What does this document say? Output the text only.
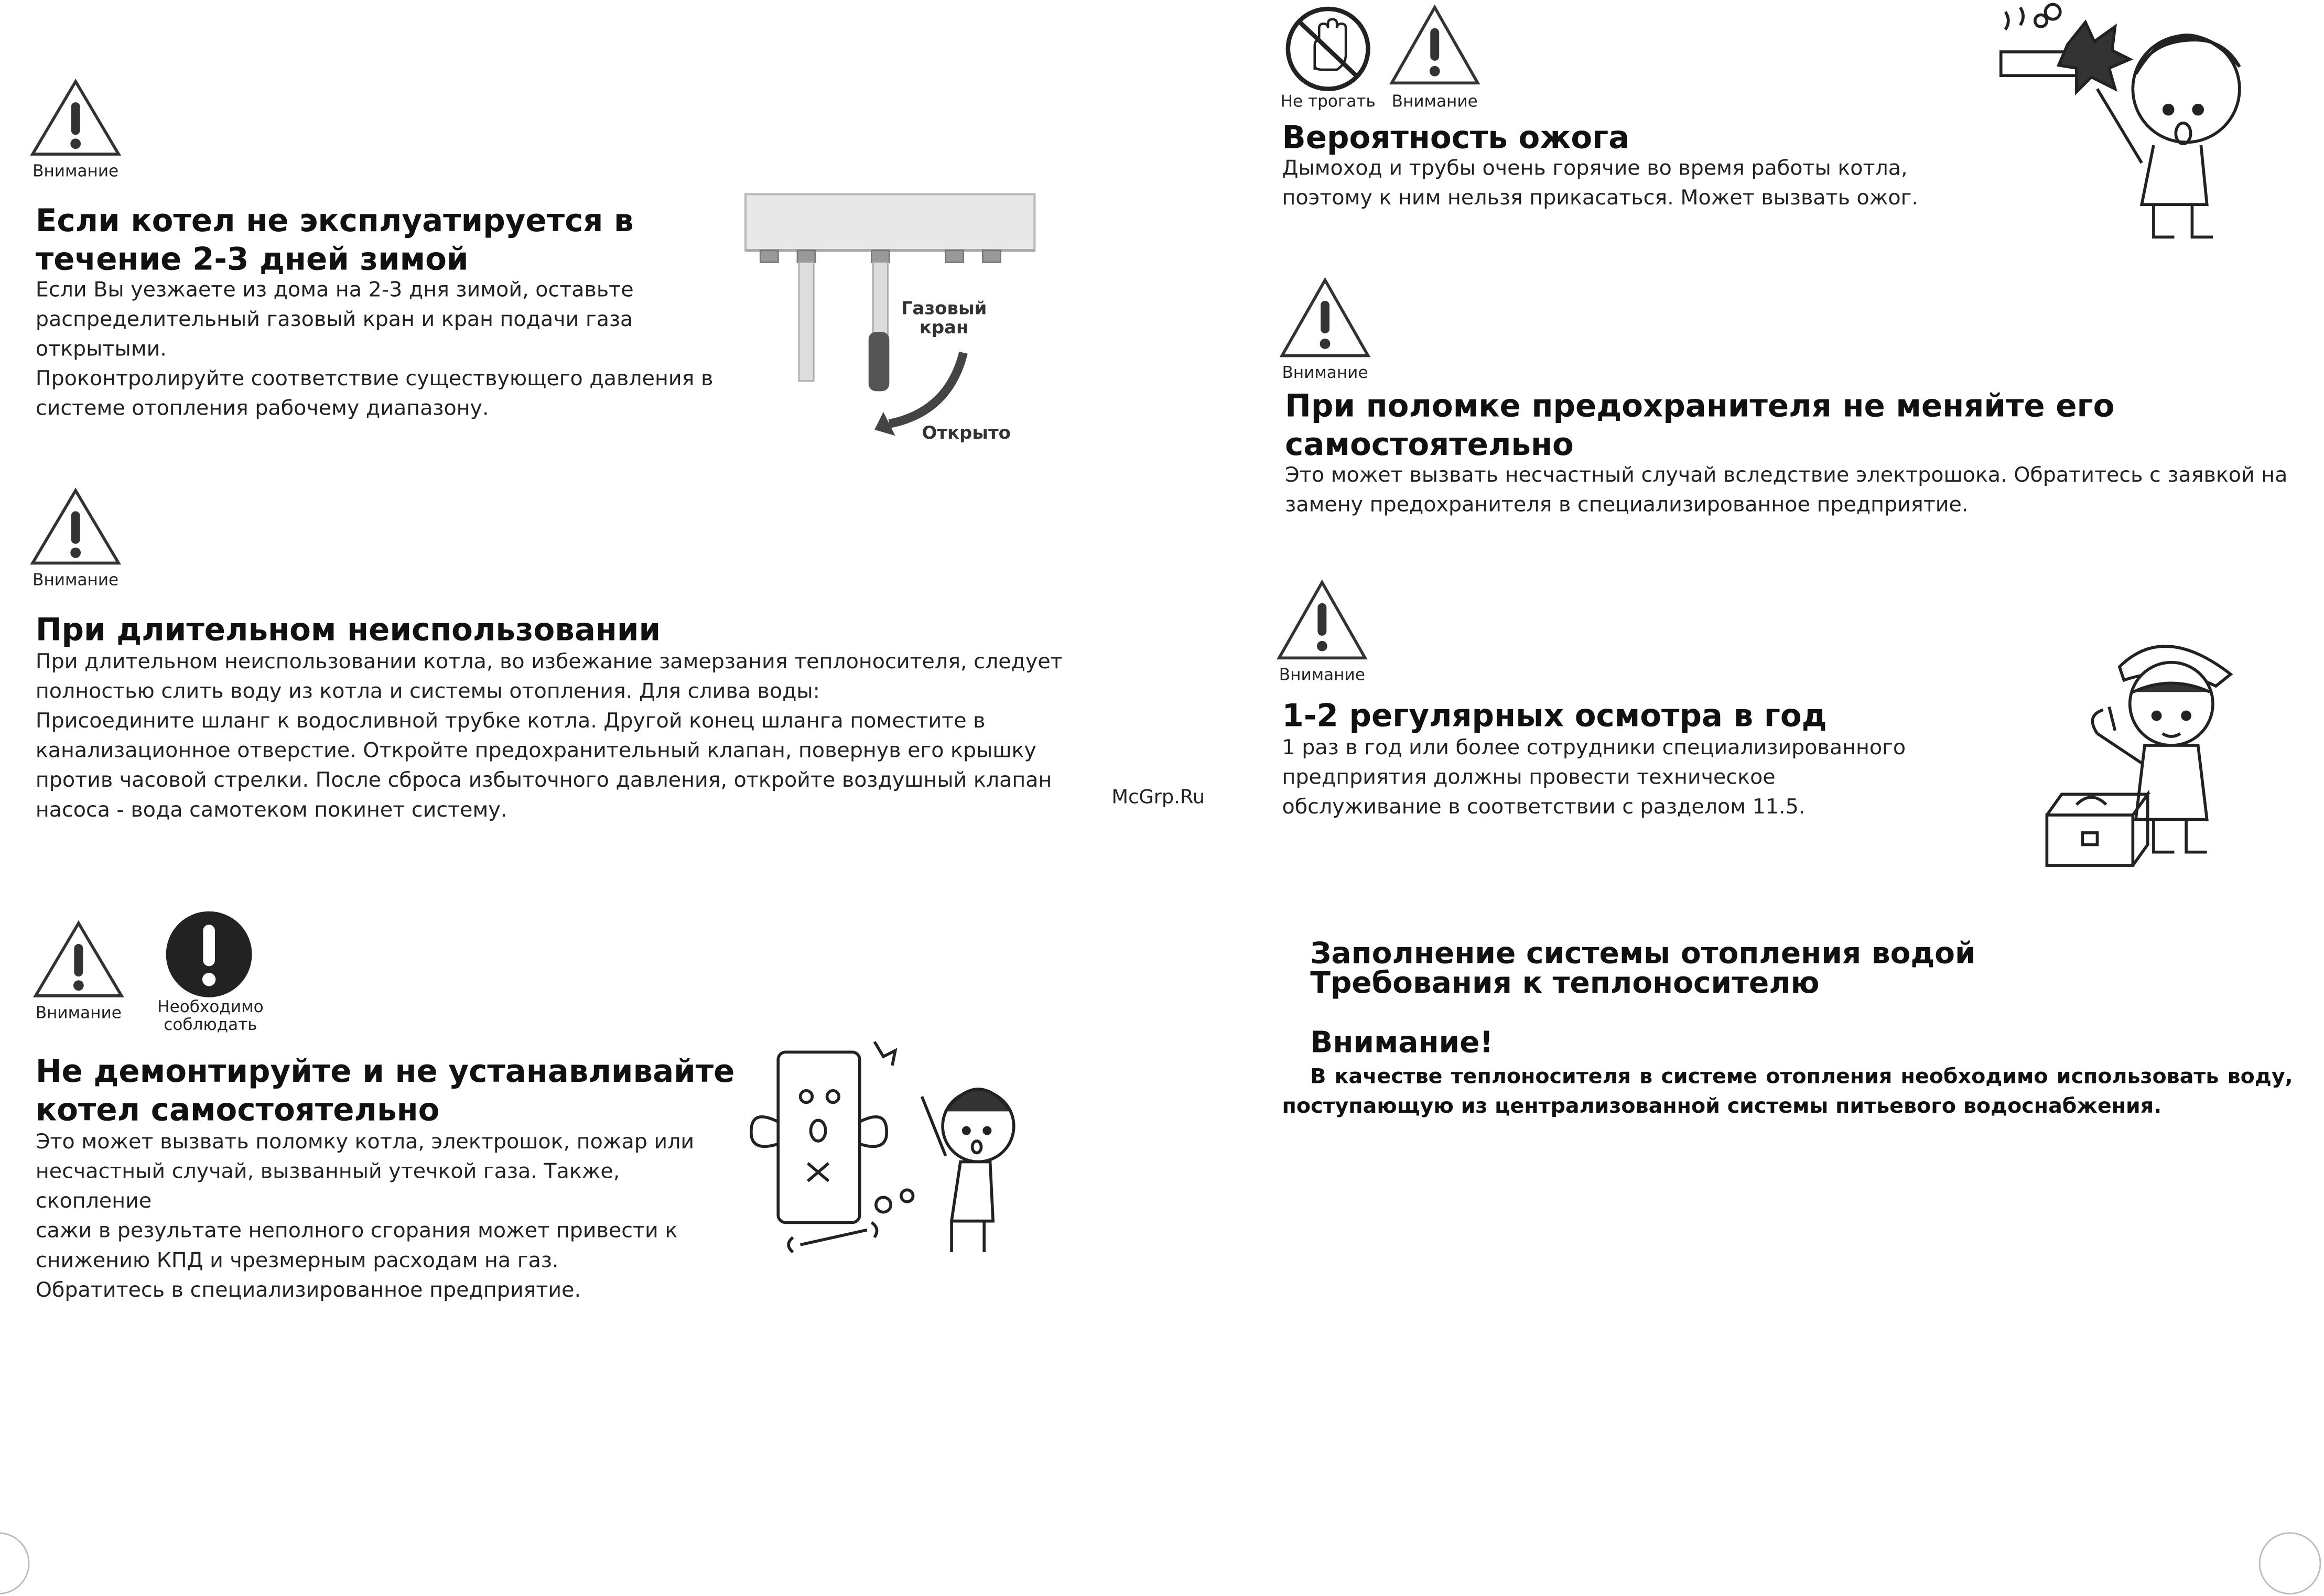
Внимание
Если котел не эксплуатируется в
течение 2-3 дней зимой

Если Вы уезжаете из дома на 2-3 дня зимой, оставьте

распределительный газовый кран и кран подачи газа

открытыми.

Проконтролируйте соответствие существующего давления в

системе отопления рабочему диапазону.

Газовый
кран
Открыто
Внимание
При длительном неиспользовании

При длительном неиспользовании котла, во избежание замерзания теплоносителя, следует

полностью слить воду из котла и системы отопления. Для слива воды:

Присоедините шланг к водосливной трубке котла. Другой конец шланга поместите в

канализационное отверстие. Откройте предохранительный клапан, повернув его крышку

против часовой стрелки. После сброса избыточного давления, откройте воздушный клапан

насоса - вода самотеком покинет систему.

Внимание	Необходимо
соблюдать
Не демонтируйте и не устанавливайте
котел самостоятельно

Это может вызвать поломку котла, электрошок, пожар или

несчастный случай, вызванный утечкой газа. Также, скопление

сажи в результате неполного сгорания может привести к

снижению КПД и чрезмерным расходам на газ.

Обратитесь в специализированное предприятие.

McGrp.Ru
Не трогать	Внимание
Вероятность ожога

Дымоход и трубы очень горячие во время работы котла,

поэтому к ним нельзя прикасаться. Может вызвать ожог.

Внимание
При поломке предохранителя не меняйте его
самостоятельно

Это может вызвать несчастный случай вследствие электрошока. Обратитесь с заявкой на

замену предохранителя в специализированное предприятие.

Внимание
1-2 регулярных осмотра в год

1 раз в год или более сотрудники специализированного

предприятия должны провести техническое

обслуживание в соответствии с разделом 11.5.

Заполнение системы отопления водой
Требования к теплоносителю
Внимание!
В качестве теплоносителя в системе отопления необходимо использовать воду,
поступающую из централизованной системы питьевого водоснабжения.
